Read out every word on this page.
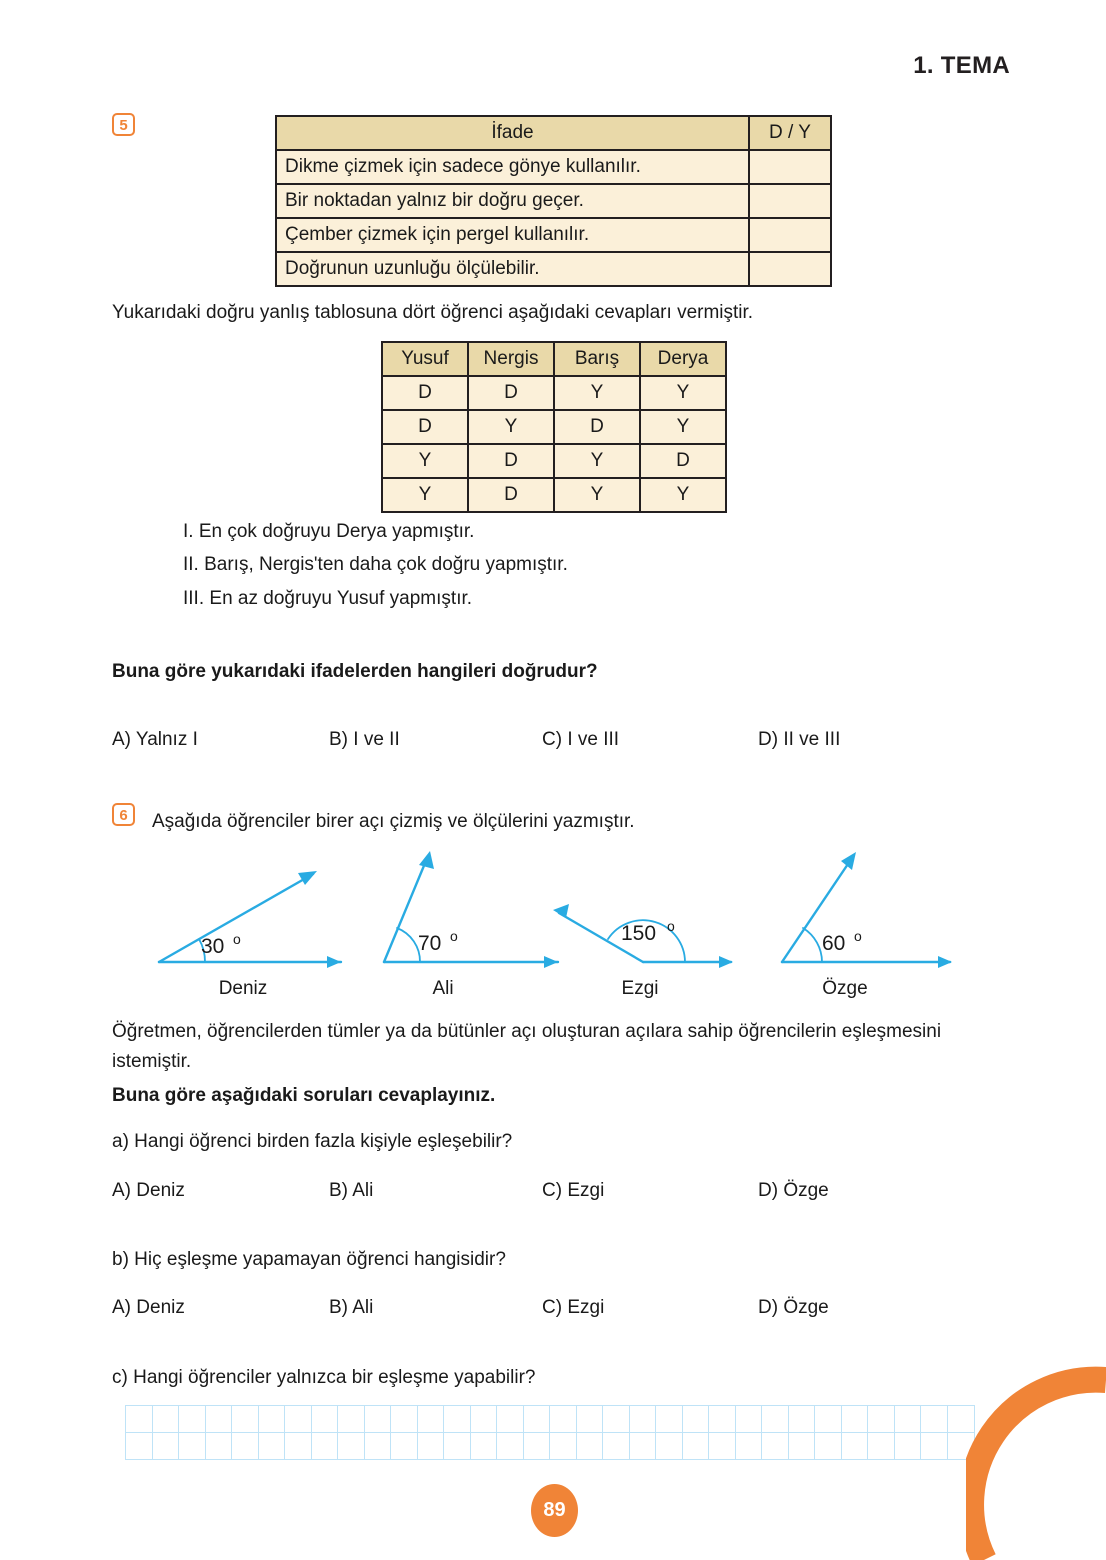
1. TEMA
5	İfade	D / Y
Dikme çizmek için sadece gönye kullanılır.	
Bir noktadan yalnız bir doğru geçer.	
Çember çizmek için pergel kullanılır.	
Doğrunun uzunluğu ölçülebilir.	
Yukarıdaki doğru yanlış tablosuna dört öğrenci aşağıdaki cevapları vermiştir.
Yusuf	Nergis	Barış	Derya
D	D	Y	Y
D	Y	D	Y
Y	D	Y	D
Y	D	Y	Y
I. En çok doğruyu Derya yapmıştır.
II. Barış, Nergis'ten daha çok doğru yapmıştır.
III. En az doğruyu Yusuf yapmıştır.
Buna göre yukarıdaki ifadelerden hangileri doğrudur?
A) Yalnız I	B) I ve II	C) I ve III	D) II ve III
6	Aşağıda öğrenciler birer açı çizmiş ve ölçülerini yazmıştır.
30 o	70 o	150 o
60 o
Deniz	Ali	Ezgi	Özge
Öğretmen, öğrencilerden tümler ya da bütünler açı oluşturan açılara sahip öğrencilerin eşleşmesini istemiştir.
Buna göre aşağıdaki soruları cevaplayınız.
a) Hangi öğrenci birden fazla kişiyle eşleşebilir?
A) Deniz	B) Ali	C) Ezgi	D) Özge
b) Hiç eşleşme yapamayan öğrenci hangisidir?
A) Deniz	B) Ali	C) Ezgi	D) Özge
c) Hangi öğrenciler yalnızca bir eşleşme yapabilir?
89
